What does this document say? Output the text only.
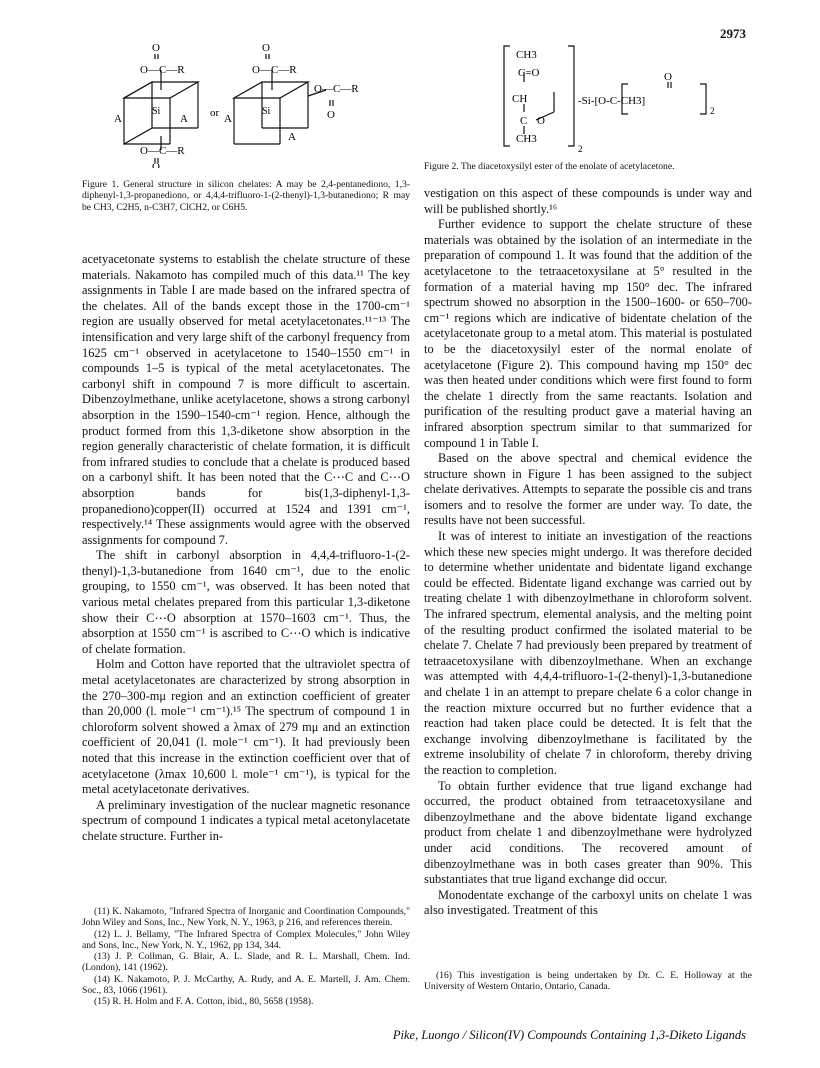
2973
O
O—C—R
A
Si
A
O—C—R
O
or A
O
O—C—R
Si
O—C—R
O
A

Figure 1. General structure in silicon chelates: A may be 2,4-pentanediono, 1,3-diphenyl-1,3-propanediono, or 4,4,4-trifluoro-1-(2-thenyl)-1,3-butanediono; R may be CH3, C2H5, n-C3H7, ClCH2, or C6H5.

CH3
C=O
CH
C O
CH3
2
O
-Si-[O-C-CH3]
2

Figure 2. The diacetoxysilyl ester of the enolate of acetylacetone.

acetyacetonate systems to establish the chelate structure of these materials. Nakamoto has compiled much of this data.¹¹ The key assignments in Table I are made based on the infrared spectra of the chelates. All of the bands except those in the 1700-cm⁻¹ region are usually observed for metal acetylacetonates.¹¹⁻¹³ The intensification and very large shift of the carbonyl frequency from 1625 cm⁻¹ observed in acetylacetone to 1540–1550 cm⁻¹ in compounds 1–5 is typical of the metal acetylacetonates. The carbonyl shift in compound 7 is more difficult to ascertain. Dibenzoylmethane, unlike acetylacetone, shows a strong carbonyl absorption in the 1590–1540-cm⁻¹ region. Hence, although the product formed from this 1,3-diketone show absorption in the region generally characteristic of chelate formation, it is difficult from infrared studies to conclude that a chelate is produced based on a carbonyl shift. It has been noted that the C⋯C and C⋯O absorption bands for bis(1,3-diphenyl-1,3-propanediono)copper(II) occurred at 1524 and 1391 cm⁻¹, respectively.¹⁴ These assignments would agree with the observed assignments for compound 7.

The shift in carbonyl absorption in 4,4,4-trifluoro-1-(2-thenyl)-1,3-butanedione from 1640 cm⁻¹, due to the enolic grouping, to 1550 cm⁻¹, was observed. It has been noted that various metal chelates prepared from this particular 1,3-diketone show their C⋯O absorption at 1570–1603 cm⁻¹. Thus, the absorption at 1550 cm⁻¹ is ascribed to C⋯O which is indicative of chelate formation.

Holm and Cotton have reported that the ultraviolet spectra of metal acetylacetonates are characterized by strong absorption in the 270–300-mμ region and an extinction coefficient of greater than 20,000 (l. mole⁻¹ cm⁻¹).¹⁵ The spectrum of compound 1 in chloroform solvent showed a λmax of 279 mμ and an extinction coefficient of 20,041 (l. mole⁻¹ cm⁻¹). It had previously been noted that this increase in the extinction coefficient over that of acetylacetone (λmax 10,600 l. mole⁻¹ cm⁻¹), is typical for the metal acetylacetonate derivatives.

A preliminary investigation of the nuclear magnetic resonance spectrum of compound 1 indicates a typical metal acetonylacetate chelate structure. Further in-

(11) K. Nakamoto, "Infrared Spectra of Inorganic and Coordination Compounds," John Wiley and Sons, Inc., New York, N. Y., 1963, p 216, and references therein.

(12) L. J. Bellamy, "The Infrared Spectra of Complex Molecules," John Wiley and Sons, Inc., New York, N. Y., 1962, pp 134, 344.

(13) J. P. Collman, G. Blair, A. L. Slade, and R. L. Marshall, Chem. Ind. (London), 141 (1962).

(14) K. Nakamoto, P. J. McCarthy, A. Rudy, and A. E. Martell, J. Am. Chem. Soc., 83, 1066 (1961).

(15) R. H. Holm and F. A. Cotton, ibid., 80, 5658 (1958).

vestigation on this aspect of these compounds is under way and will be published shortly.¹⁶

Further evidence to support the chelate structure of these materials was obtained by the isolation of an intermediate in the preparation of compound 1. It was found that the addition of the acetylacetone to the tetraacetoxysilane at 5° resulted in the formation of a material having mp 150° dec. The infrared spectrum showed no absorption in the 1500–1600- or 650–700-cm⁻¹ regions which are indicative of bidentate chelation of the acetylacetonate group to a metal atom. This material is postulated to be the diacetoxysilyl ester of the normal enolate of acetylacetone (Figure 2). This compound having mp 150° dec was then heated under conditions which were first found to form the chelate 1 directly from the same reactants. Isolation and purification of the resulting product gave a material having an infrared absorption spectrum similar to that summarized for compound 1 in Table I.

Based on the above spectral and chemical evidence the structure shown in Figure 1 has been assigned to the subject chelate derivatives. Attempts to separate the possible cis and trans isomers and to resolve the former are under way. To date, the results have not been successful.

It was of interest to initiate an investigation of the reactions which these new species might undergo. It was therefore decided to determine whether unidentate and bidentate ligand exchange could be effected. Bidentate ligand exchange was carried out by treating chelate 1 with dibenzoylmethane in chloroform solvent. The infrared spectrum, elemental analysis, and the melting point of the resulting product confirmed the isolated material to be chelate 7. Chelate 7 had previously been prepared by treatment of tetraacetoxysilane with dibenzoylmethane. When an exchange was attempted with 4,4,4-trifluoro-1-(2-thenyl)-1,3-butanedione and chelate 1 in an attempt to prepare chelate 6 a color change in the reaction mixture occurred but no further evidence that a reaction had taken place could be detected. It is felt that the exchange involving dibenzoylmethane is facilitated by the extreme insolubility of chelate 7 in chloroform, thereby driving the reaction to completion.

To obtain further evidence that true ligand exchange had occurred, the product obtained from tetraacetoxysilane and dibenzoylmethane and the above bidentate ligand exchange product from chelate 1 and dibenzoylmethane were hydrolyzed under acid conditions. The recovered amount of dibenzoylmethane was in both cases greater than 90%. This substantiates that true ligand exchange did occur.

Monodentate exchange of the carboxyl units on chelate 1 was also investigated. Treatment of this

(16) This investigation is being undertaken by Dr. C. E. Holloway at the University of Western Ontario, Ontario, Canada.

Pike, Luongo / Silicon(IV) Compounds Containing 1,3-Diketo Ligands
